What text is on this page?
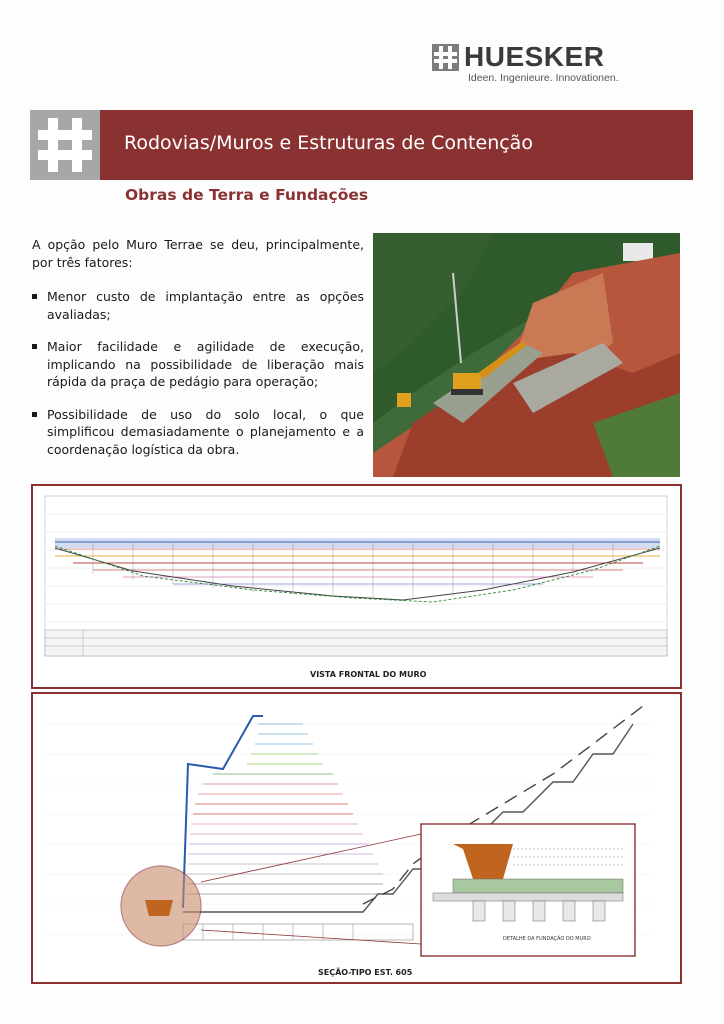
HUESKER
Ideen. Ingenieure. Innovationen.
Rodovias/Muros e Estruturas de Contenção
Obras de Terra e Fundações
A opção pelo Muro Terrae se deu, principalmente, por três fatores:
Menor custo de implantação entre as opções avaliadas;
Maior facilidade e agilidade de execução, implicando na possibilidade de liberação mais rápida da praça de pedágio para operação;
Possibilidade de uso do solo local, o que simplificou demasiadamente o planejamento e a coordenação logística da obra.
VISTA FRONTAL DO MURO
DETALHE DA FUNDAÇÃO DO MURO
SEÇÃO-TIPO EST. 605
